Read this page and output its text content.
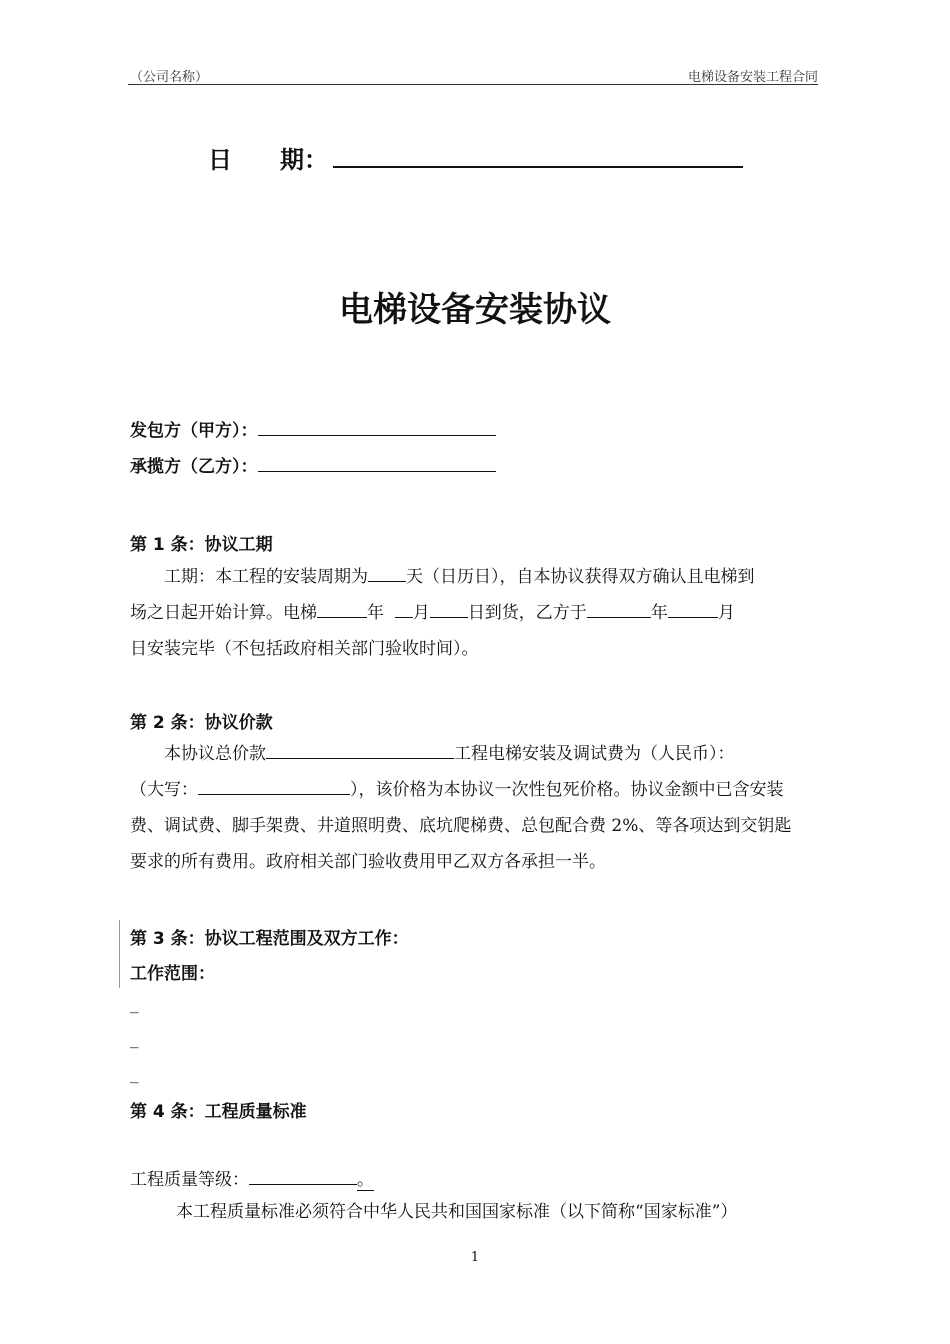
（公司名称）	电梯设备安装工程合同
日 期：
电梯设备安装协议
发包方（甲方）：
承揽方（乙方）：
第 1 条：协议工期
工期：本工程的安装周期为 天（日历日），自本协议获得双方确认且电梯到
场之日起开始计算。电梯	年 月 日到货，乙方于	年	月
日安装完毕（不包括政府相关部门验收时间）。
第 2 条：协议价款
本协议总价款	工程电梯安装及调试费为（人民币）：
（大写：	），该价格为本协议一次性包死价格。协议金额中已含安装
费、调试费、脚手架费、井道照明费、底坑爬梯费、总包配合费 2%、等各项达到交钥匙
要求的所有费用。政府相关部门验收费用甲乙双方各承担一半。
第 3 条：协议工程范围及双方工作：
工作范围：
_
_
_
第 4 条：工程质量标准
工程质量等级：	。
本工程质量标准必须符合中华人民共和国国家标准（以下简称“国家标准”）
1
